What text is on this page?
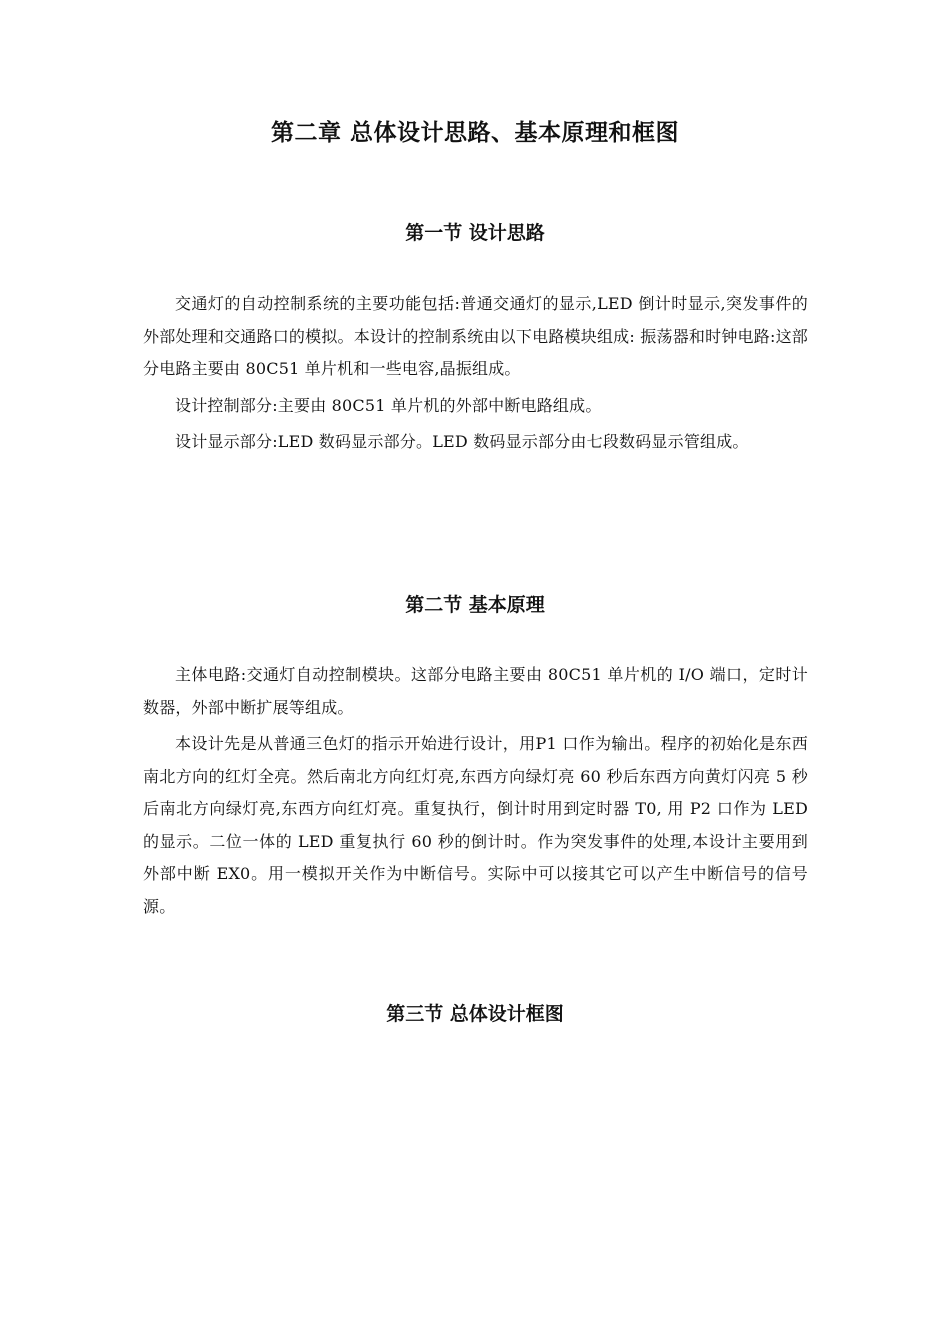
第二章 总体设计思路、基本原理和框图
第一节 设计思路

交通灯的自动控制系统的主要功能包括:普通交通灯的显示,LED 倒计时显示,突发事件的外部处理和交通路口的模拟。本设计的控制系统由以下电路模块组成: 振荡器和时钟电路:这部分电路主要由 80C51 单片机和一些电容,晶振组成。

设计控制部分:主要由 80C51 单片机的外部中断电路组成。

设计显示部分:LED 数码显示部分。LED 数码显示部分由七段数码显示管组成。

第二节 基本原理

主体电路:交通灯自动控制模块。这部分电路主要由 80C51 单片机的 I/O 端口，定时计数器，外部中断扩展等组成。

本设计先是从普通三色灯的指示开始进行设计，用P1 口作为输出。程序的初始化是东西南北方向的红灯全亮。然后南北方向红灯亮,东西方向绿灯亮 60 秒后东西方向黄灯闪亮 5 秒后南北方向绿灯亮,东西方向红灯亮。重复执行，倒计时用到定时器 T0, 用 P2 口作为 LED 的显示。二位一体的 LED 重复执行 60 秒的倒计时。作为突发事件的处理,本设计主要用到外部中断 EX0。用一模拟开关作为中断信号。实际中可以接其它可以产生中断信号的信号源。

第三节 总体设计框图
